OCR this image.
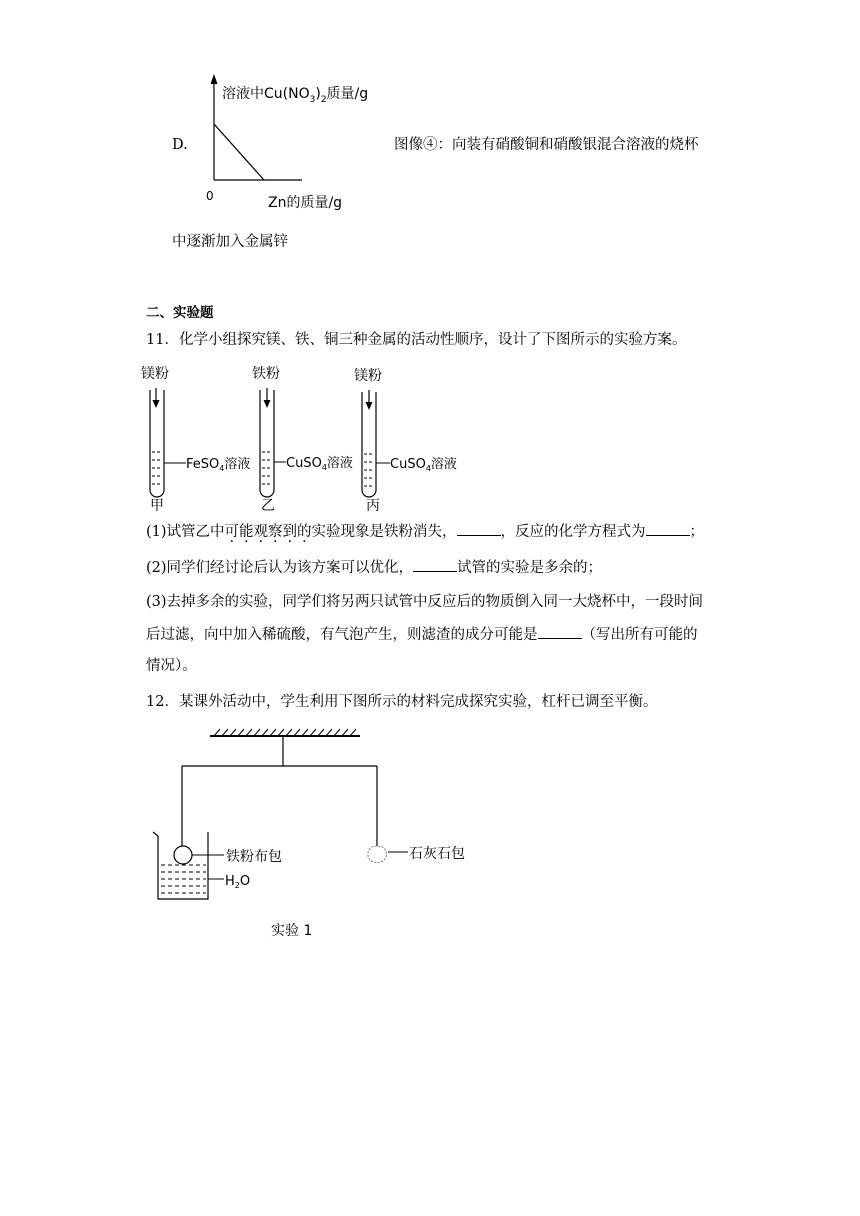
D.
溶液中$Cu(NO_3)_2$质量/g
0	Zn的质量/g
图像④：向装有硝酸铜和硝酸银混合溶液的烧杯
中逐渐加入金属锌
二、实验题
11．化学小组探究镁、铁、铜三种金属的活动性顺序，设计了下图所示的实验方案。
镁粉
FeSO$_4$溶液
甲
铁粉
CuSO$_4$溶液
乙
镁粉
CuSO$_4$溶液
丙
(1)试管乙中可能观察到的实验现象是铁粉消失，	，反应的化学方程式为	；
(2)同学们经讨论后认为该方案可以优化，	试管的实验是多余的；
(3)去掉多余的实验，同学们将另两只试管中反应后的物质倒入同一大烧杯中，一段时间
后过滤，向中加入稀硫酸，有气泡产生，则滤渣的成分可能是	（写出所有可能的
情况）。
12．某课外活动中，学生利用下图所示的材料完成探究实验，杠杆已调至平衡。
铁粉布包
$H_2O$
石灰石包
实验 1
